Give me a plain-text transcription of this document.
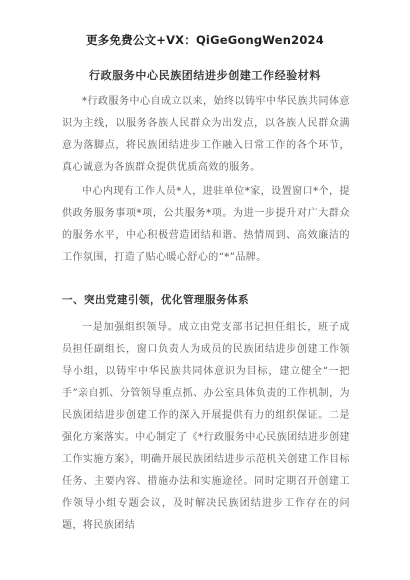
更多免费公文+VX：QiGeGongWen2024
行政服务中心民族团结进步创建工作经验材料

*行政服务中心自成立以来，始终以铸牢中华民族共同体意识为主线，以服务各族人民群众为出发点，以各族人民群众满意为落脚点，将民族团结进步工作融入日常工作的各个环节，真心诚意为各族群众提供优质高效的服务。

中心内现有工作人员*人，进驻单位*家，设置窗口*个，提供政务服务事项*项，公共服务*项。为进一步提升对广大群众的服务水平，中心积极营造团结和谐、热情周到、高效廉洁的工作氛围，打造了贴心暖心舒心的“*”品牌。

一、突出党建引领，优化管理服务体系

一是加强组织领导。成立由党支部书记担任组长，班子成员担任副组长，窗口负责人为成员的民族团结进步创建工作领导小组，以铸牢中华民族共同体意识为目标，建立健全“一把手”亲自抓、分管领导重点抓、办公室具体负责的工作机制，为民族团结进步创建工作的深入开展提供有力的组织保证。二是强化方案落实。中心制定了《*行政服务中心民族团结进步创建工作实施方案》，明确开展民族团结进步示范机关创建工作目标任务、主要内容、措施办法和实施途径。同时定期召开创建工作领导小组专题会议，及时解决民族团结进步工作存在的问题，将民族团结
